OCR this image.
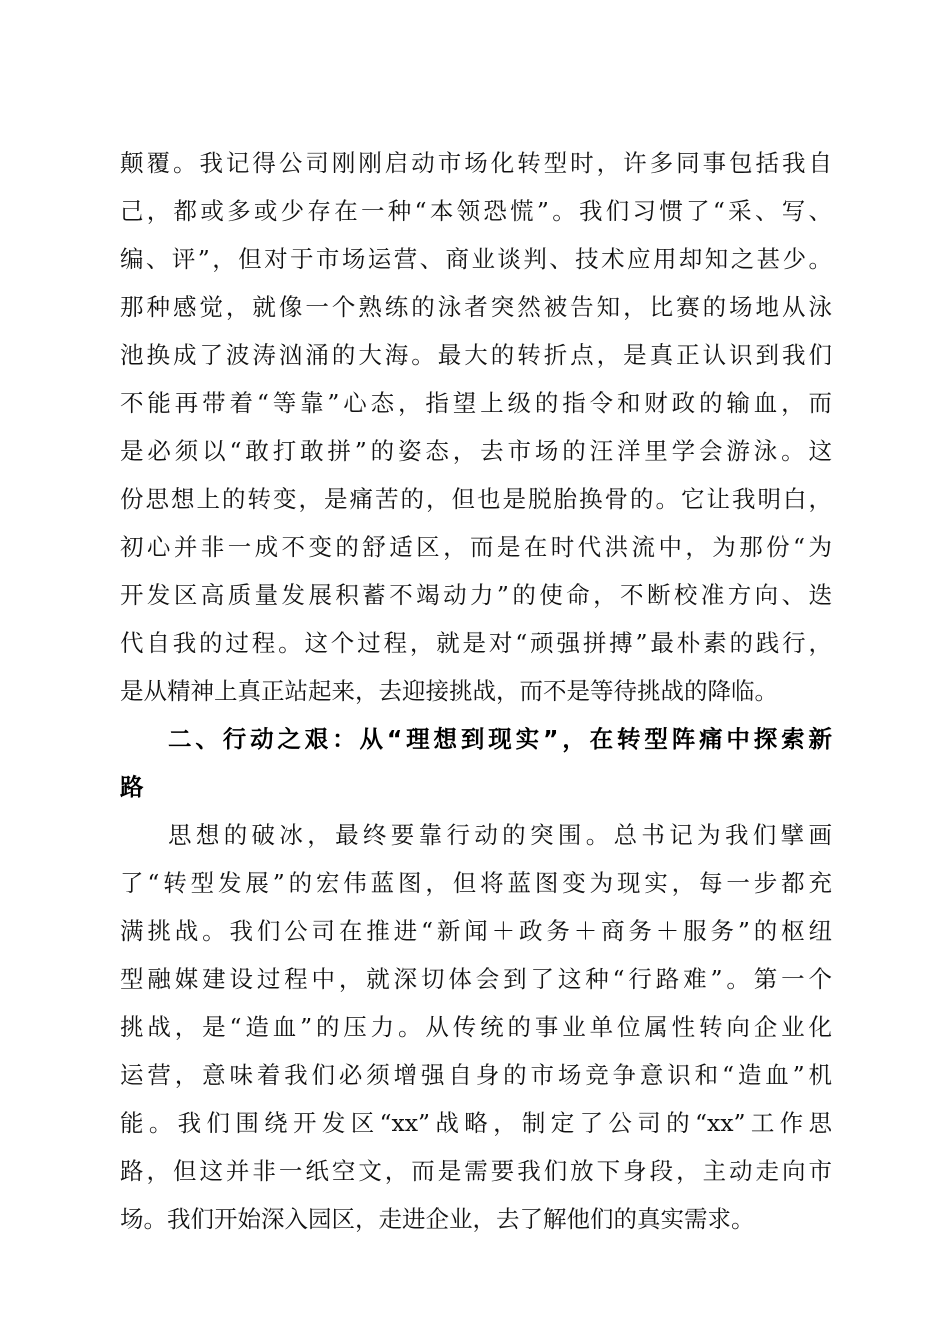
颠覆。我记得公司刚刚启动市场化转型时，许多同事包括我自
己，都或多或少存在一种“本领恐慌”。我们习惯了“采、写、
编、评”，但对于市场运营、商业谈判、技术应用却知之甚少。
那种感觉，就像一个熟练的泳者突然被告知，比赛的场地从泳
池换成了波涛汹涌的大海。最大的转折点，是真正认识到我们
不能再带着“等靠”心态，指望上级的指令和财政的输血，而
是必须以“敢打敢拼”的姿态，去市场的汪洋里学会游泳。这
份思想上的转变，是痛苦的，但也是脱胎换骨的。它让我明白，
初心并非一成不变的舒适区，而是在时代洪流中，为那份“为
开发区高质量发展积蓄不竭动力”的使命，不断校准方向、迭
代自我的过程。这个过程，就是对“顽强拼搏”最朴素的践行，
是从精神上真正站起来，去迎接挑战，而不是等待挑战的降临。
二、行动之艰：从“理想到现实”，在转型阵痛中探索新
路
思想的破冰，最终要靠行动的突围。总书记为我们擘画
了“转型发展”的宏伟蓝图，但将蓝图变为现实，每一步都充
满挑战。我们公司在推进“新闻＋政务＋商务＋服务”的枢纽
型融媒建设过程中，就深切体会到了这种“行路难”。第一个
挑战，是“造血”的压力。从传统的事业单位属性转向企业化
运营，意味着我们必须增强自身的市场竞争意识和“造血”机
能。我们围绕开发区“xx”战略，制定了公司的“xx”工作思
路，但这并非一纸空文，而是需要我们放下身段，主动走向市
场。我们开始深入园区，走进企业，去了解他们的真实需求。
